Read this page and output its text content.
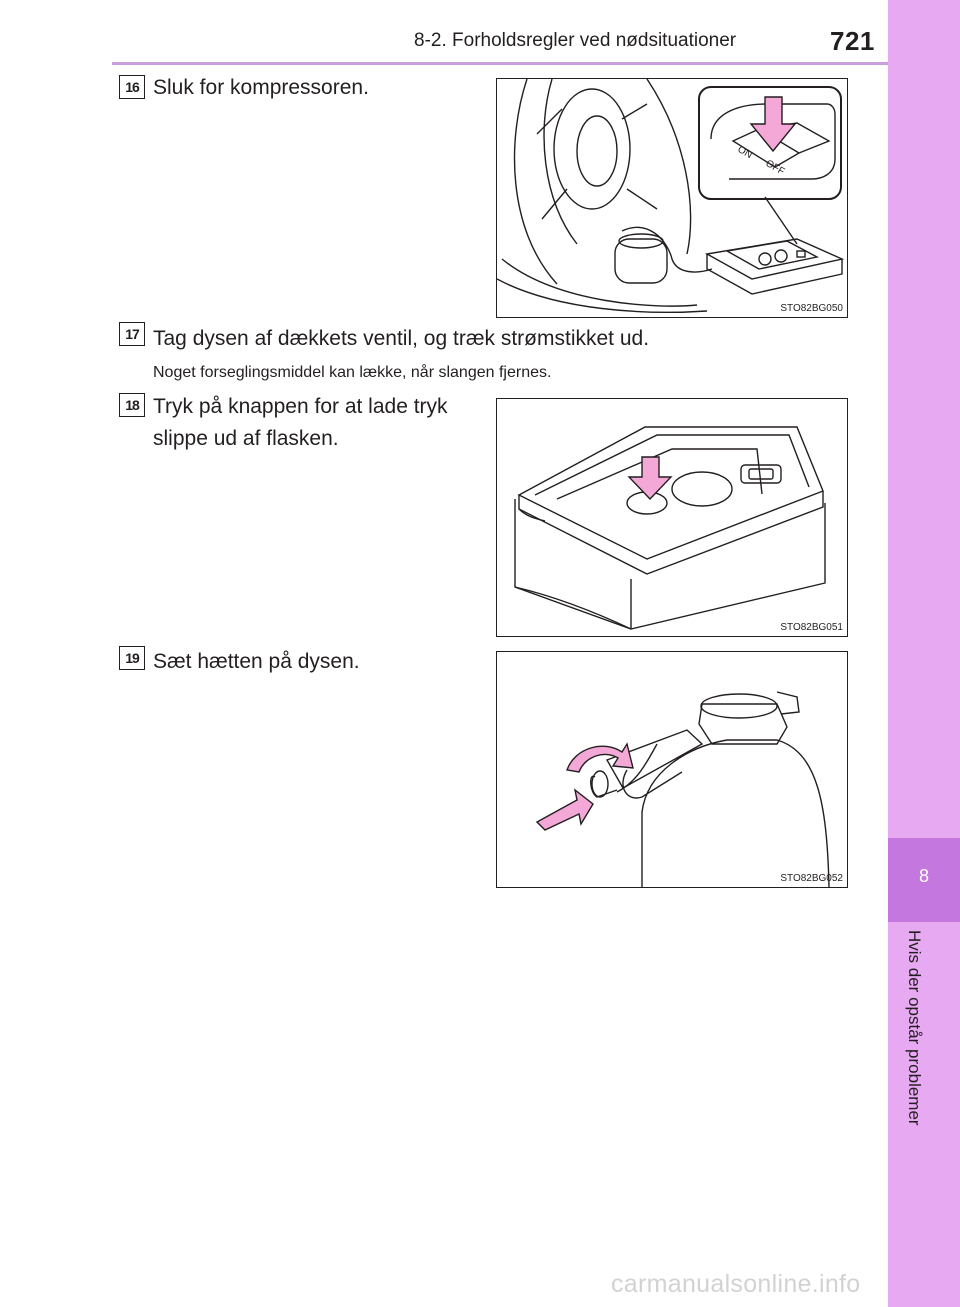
8-2. Forholdsregler ved nødsituationer	721
8
Hvis der opstår problemer
16 Sluk for kompressoren.
ON
OFF
STO82BG050
17 Tag dysen af dækkets ventil, og træk strømstikket ud.
Noget forseglingsmiddel kan lække, når slangen fjernes.
18 Tryk på knappen for at lade tryk
slippe ud af flasken.
STO82BG051
19 Sæt hætten på dysen.
STO82BG052
carmanualsonline.info
